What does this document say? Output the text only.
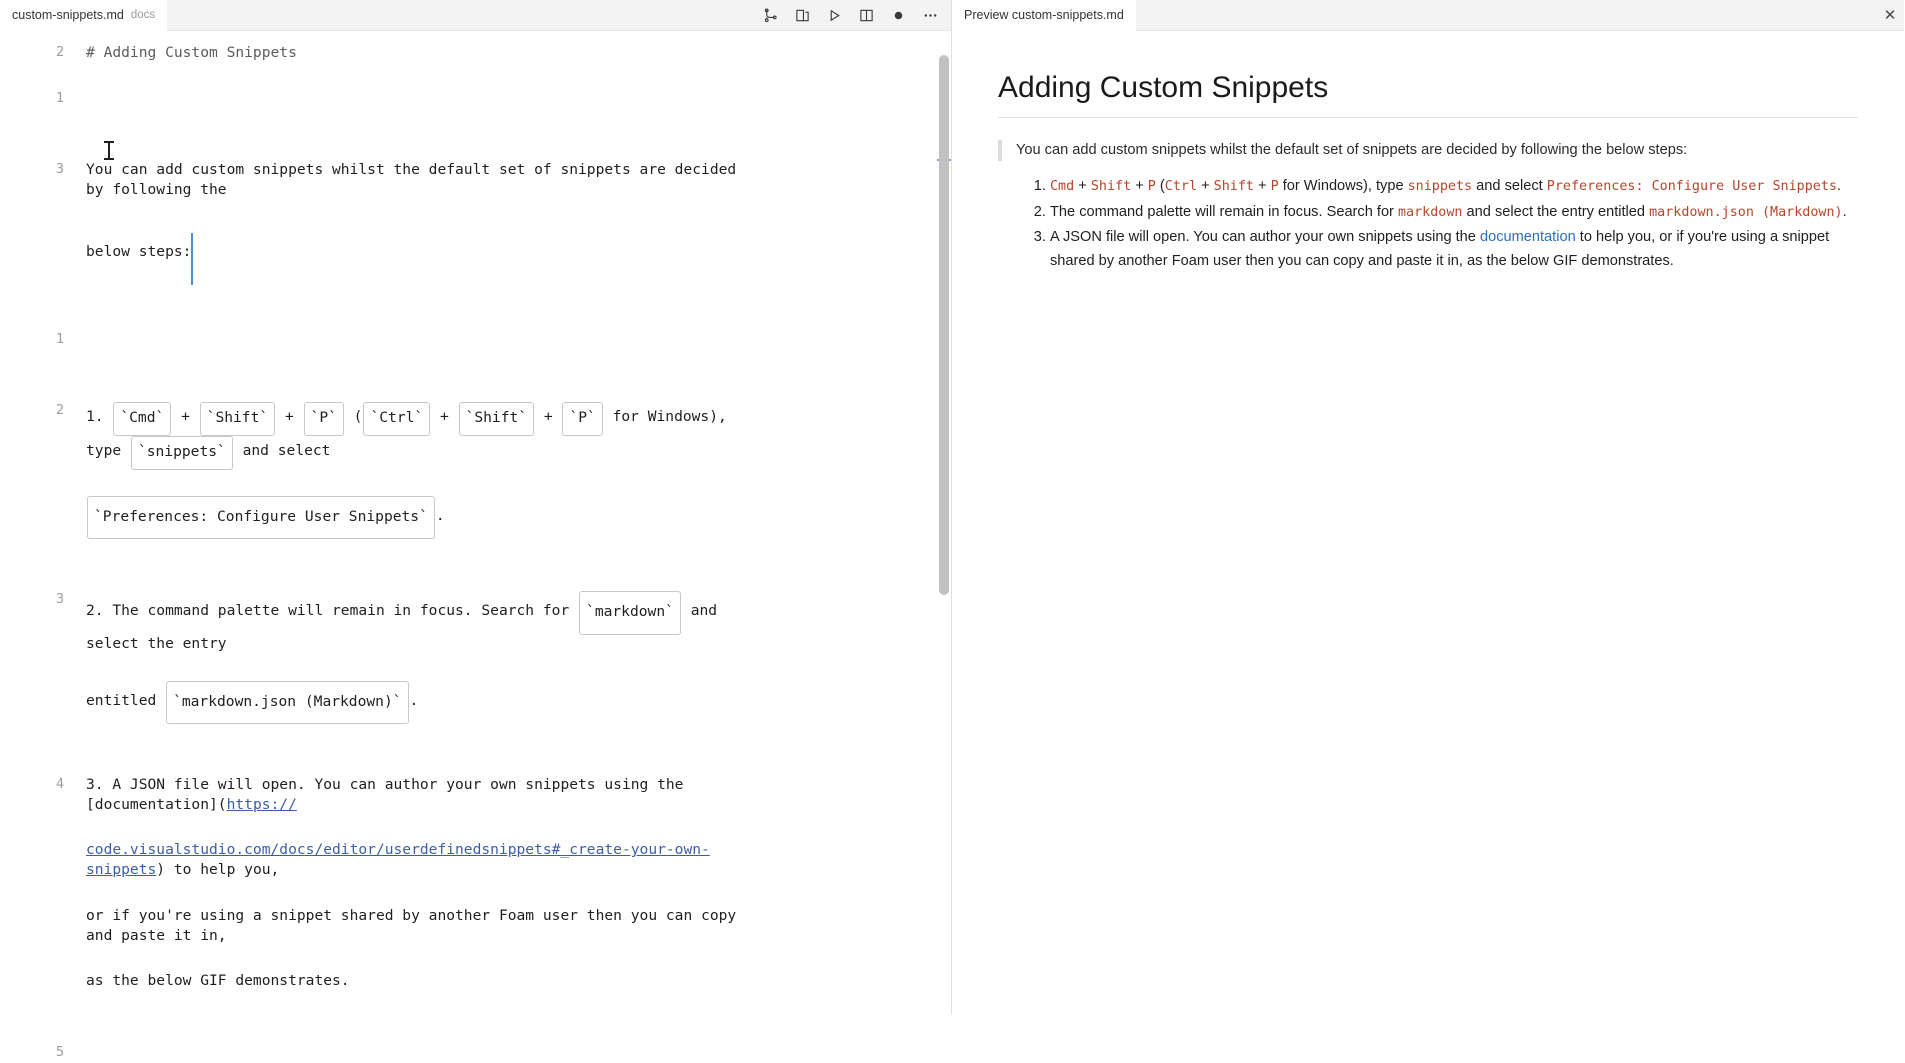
custom-snippets.md docs
2	# Adding Custom Snippets
1

3	You can add custom snippets whilst the default set of snippets are decided by following the

below steps:
1

2	1. `Cmd` + `Shift` + `P` ( `Ctrl` + `Shift` + `P` for Windows), type `snippets` and select

`Preferences: Configure User Snippets` .
3
2. The command palette will remain in focus. Search for `markdown` and select the entry

entitled `markdown.json (Markdown)` .
4	3. A JSON file will open. You can author your own snippets using the [documentation](https://

code.visualstudio.com/docs/editor/userdefinedsnippets#_create-your-own-snippets) to help you,

or if you're using a snippet shared by another Foam user then you can copy and paste it in,

as the below GIF demonstrates.
5

Preview custom-snippets.md	✕
Adding Custom Snippets
You can add custom snippets whilst the default set of snippets are decided by following the below steps:
1. Cmd + Shift + P (Ctrl + Shift + P for Windows), type snippets and select Preferences: Configure User Snippets.
2. The command palette will remain in focus. Search for markdown and select the entry entitled markdown.json (Markdown).
3. A JSON file will open. You can author your own snippets using the documentation to help you, or if you're using a snippet shared by another Foam user then you can copy and paste it in, as the below GIF demonstrates.
